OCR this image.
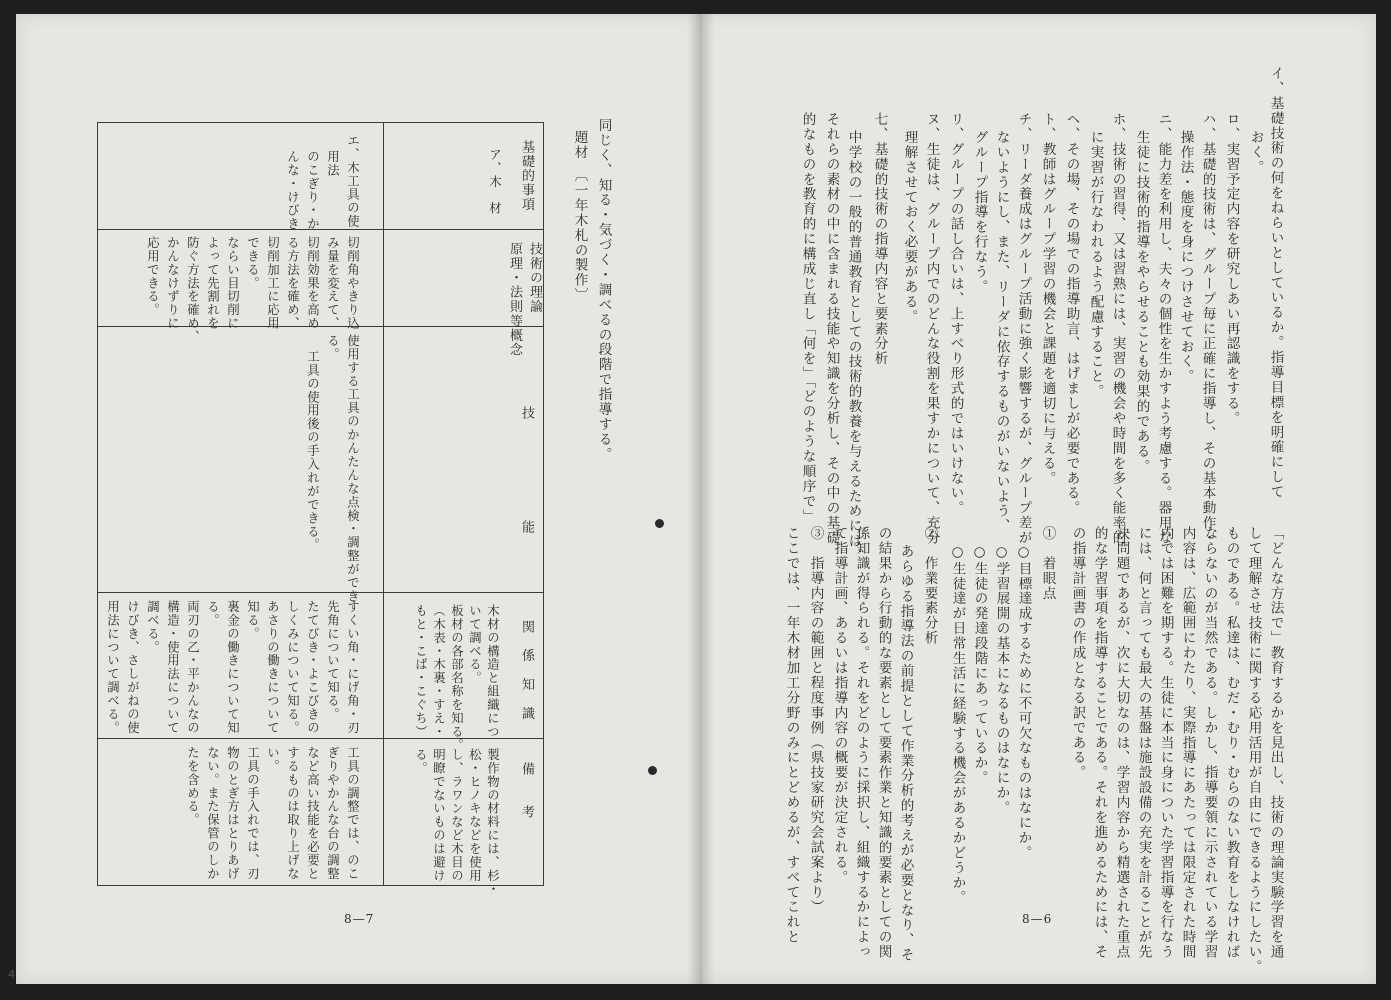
イ、基礎技術の何をねらいとしているか。指導目標を明確にして
おく。
ロ、実習予定内容を研究しあい再認識をする。
ハ、基礎的技術は、グループ毎に正確に指導し、その基本動作・
操作法・態度を身につけさせておく。
ニ、能力差を利用し、夫々の個性を生かすよう考慮する。器用な
生徒に技術的指導をやらせることも効果的である。
ホ、技術の習得、又は習熟には、実習の機会や時間を多く能率的
に実習が行なわれるよう配慮すること。
ヘ、その場、その場での指導助言、はげましが必要である。
ト、教師はグループ学習の機会と課題を適切に与える。
チ、リーダ養成はグループ活動に強く影響するが、グループ差が
ないようにし、また、リーダに依存するものがいないよう、
グループ指導を行なう。
リ、グループの話し合いは、上すべり形式的ではいけない。
ヌ、生徒は、グループ内でのどんな役割を果すかについて、充分
理解させておく必要がある。
七、基礎的技術の指導内容と要素分析
中学校の一般的普通教育としての技術的教養を与えるためには、
それらの素材の中に含まれる技能や知識を分析し、その中の基礎
的なものを教育的に構成じ直し「何を」「どのような順序で」
「どんな方法で」教育するかを見出し、技術の理論実験学習を通
して理解させ技術に関する応用活用が自由にできるようにしたい。
ものである。私達は、むだ・むり・むらのない教育をしなければ
ならないのが当然である。しかし、指導要領に示されている学習
内容は、広範囲にわたり、実際指導にあたっては限定された時間
内では困難を期する。生徒に本当に身についた学習指導を行なう
には、何と言っても最大の基盤は施設設備の充実を計ることが先
決問題であるが、次に大切なのは、学習内容から精選された重点
的な学習事項を指導することである。それを進めるためには、そ
の指導計画書の作成となる訳である。
①　着眼点
○目標達成するために不可欠なものはなにか。
○学習展開の基本になるものはなにか。
○生徒の発達段階にあっているか。
○生徒達が日常生活に経験する機会があるかどうか。
②　作業要素分析
あらゆる指導法の前提として作業分析的考えが必要となり、そ
の結果から行動的な要素として要素作業と知識的要素としての関
係知識が得られる。それをどのように採択し、組織するかによっ
て指導計画、あるいは指導内容の概要が決定される。
③　指導内容の範囲と程度事例（県技家研究会試案より）
ここでは、一年木材加工分野のみにとどめるが、すべてこれと	8—6
同じく、知る・気づく・調べるの段階で指導する。
題材　〔一年木札の製作〕
基礎的事項
技術の理論
原理・法則等概念
技
能
関　係　知　識
備　　考
ア、木　材
木材の構造と組織につ
いて調べる。
板材の各部名称を知る。
（木表・木裏・すえ・
もと・こば・こぐち）
製作物の材料には、杉・
松・ヒノキなどを使用
し、ラワンなど木目の
明瞭でないものは避け
る。
エ、木工具の使
用法
のこぎり・か
んな・けびき
切削角やきり込
み量を変えて、
切削効果を高め
る方法を確め、
切削加工に応用
できる。
ならい目切削に
よって先割れを
防ぐ方法を確め、
かんなけずりに
応用できる。
使用する工具のかんたんな点検・調整ができ
る。
工具の使用後の手入れができる。
すくい角・にげ角・刃
先角について知る。
たてびき・よこびきの
しくみについて知る。
あさりの働きについて
知る。
裏金の働きについて知
る。
両刃の乙・平かんなの
構造・使用法について
調べる。
けびき、さしがねの使
用法について調べる。
工具の調整では、のこ
ぎりやかんな台の調整
など高い技能を必要と
するものは取り上げな
い。
工具の手入れでは、刃
物のとぎ方はとりあげ
ない。また保管のしか
たを含める。
8—7
4
